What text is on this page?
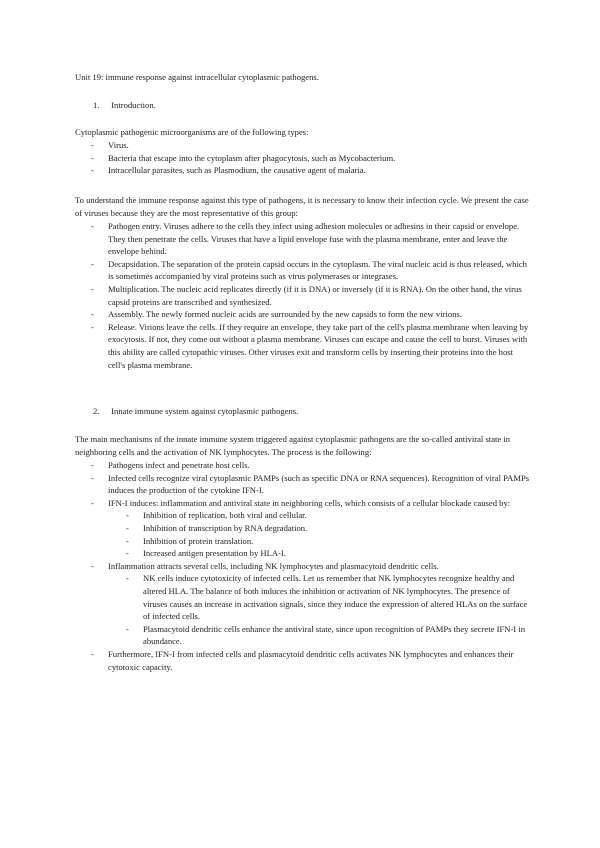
Unit 19: immune response against intracellular cytoplasmic pathogens.

1. Introduction.

Cytoplasmic pathogenic microorganisms are of the following types:

- Virus.
- Bacteria that escape into the cytoplasm after phagocytosis, such as Mycobacterium.
- Intracellular parasites, such as Plasmodium, the causative agent of malaria.

To understand the immune response against this type of pathogens, it is necessary to know their infection cycle. We present the case of viruses because they are the most representative of this group:

- Pathogen entry. Viruses adhere to the cells they infect using adhesion molecules or adhesins in their capsid or envelope. They then penetrate the cells. Viruses that have a lipid envelope fuse with the plasma membrane, enter and leave the envelope behind.
- Decapsidation. The separation of the protein capsid occurs in the cytoplasm. The viral nucleic acid is thus released, which is sometimes accompanied by viral proteins such as virus polymerases or integrases.
- Multiplication. The nucleic acid replicates directly (if it is DNA) or inversely (if it is RNA). On the other hand, the virus capsid proteins are transcribed and synthesized.
- Assembly. The newly formed nucleic acids are surrounded by the new capsids to form the new virions.
- Release. Virions leave the cells. If they require an envelope, they take part of the cell's plasma membrane when leaving by exocytosis. If not, they come out without a plasma membrane. Viruses can escape and cause the cell to burst. Viruses with this ability are called cytopathic viruses. Other viruses exit and transform cells by inserting their proteins into the host cell's plasma membrane.
2. Innate immune system against cytoplasmic pathogens.

The main mechanisms of the innate immune system triggered against cytoplasmic pathogens are the so-called antiviral state in neighboring cells and the activation of NK lymphocytes. The process is the following:

- Pathogens infect and penetrate host cells.
- Infected cells recognize viral cytoplasmic PAMPs (such as specific DNA or RNA sequences). Recognition of viral PAMPs induces the production of the cytokine IFN-I.
- IFN-I induces: inflammation and antiviral state in neighboring cells, which consists of a cellular blockade caused by:
- Inhibition of replication, both viral and cellular.
- Inhibition of transcription by RNA degradation.
- Inhibition of protein translation.
- Increased antigen presentation by HLA-I.
- Inflammation attracts several cells, including NK lymphocytes and plasmacytoid dendritic cells.
- NK cells induce cytotoxicity of infected cells. Let us remember that NK lymphocytes recognize healthy and altered HLA. The balance of both induces the inhibition or activation of NK lymphocytes. The presence of viruses causes an increase in activation signals, since they induce the expression of altered HLAs on the surface of infected cells.
- Plasmacytoid dendritic cells enhance the antiviral state, since upon recognition of PAMPs they secrete IFN-I in abundance.
- Furthermore, IFN-I from infected cells and plasmacytoid dendritic cells activates NK lymphocytes and enhances their cytotoxic capacity.
